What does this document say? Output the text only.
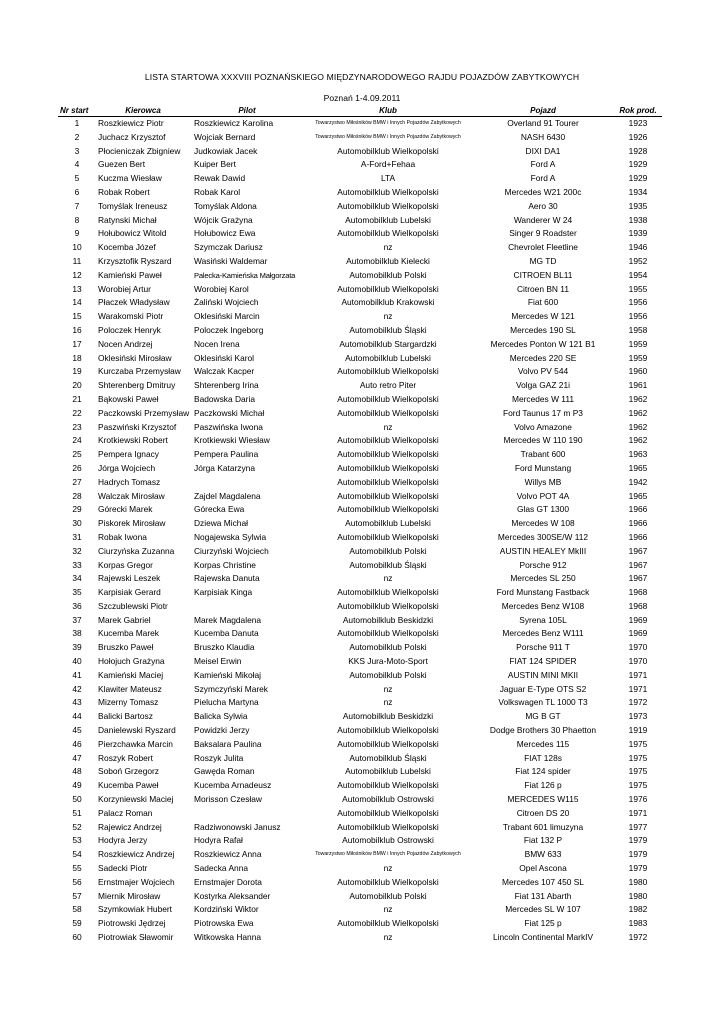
LISTA STARTOWA XXXVIII POZNAŃSKIEGO MIĘDZYNARODOWEGO RAJDU POJAZDÓW ZABYTKOWYCH
Poznań 1-4.09.2011
Nr start	Kierowca	Pilot	Klub	Pojazd	Rok prod.
1	Roszkiewicz Piotr	Roszkiewicz Karolina	Towarzystwo Miłośników BMW i Innych Pojazdów Zabytkowych	Overland 91 Tourer	1923
2	Juchacz Krzysztof	Wojciak Bernard	Towarzystwo Miłośników BMW i Innych Pojazdów Zabytkowych	NASH 6430	1926
3	Płocieniczak Zbigniew	Judkowiak Jacek	Automobilklub Wielkopolski	DIXI DA1	1928
4	Guezen Bert	Kuiper Bert	A-Ford+Fehaa	Ford A	1929
5	Kuczma Wiesław	Rewak Dawid	LTA	Ford A	1929
6	Robak Robert	Robak Karol	Automobilklub Wielkopolski	Mercedes W21 200c	1934
7	Tomyślak Ireneusz	Tomyślak Aldona	Automobilklub Wielkopolski	Aero 30	1935
8	Ratynski Michał	Wójcik Grażyna	Automobilklub Lubelski	Wanderer W 24	1938
9	Hołubowicz Witold	Hołubowicz Ewa	Automobilklub Wielkopolski	Singer 9 Roadster	1939
10	Kocemba Józef	Szymczak Dariusz	nz	Chevrolet Fleetline	1946
11	Krzysztofik Ryszard	Wasiński Waldemar	Automobilklub Kielecki	MG TD	1952
12	Kamieński Paweł	Palecka-Kamieńska Małgorzata	Automobilklub Polski	CITROEN BL11	1954
13	Worobiej Artur	Worobiej Karol	Automobilklub Wielkopolski	Citroen BN 11	1955
14	Płaczek Władysław	Żaliński Wojciech	Automobilklub Krakowski	Fiat 600	1956
15	Warakomski Piotr	Oklesiński Marcin	nz	Mercedes W 121	1956
16	Poloczek Henryk	Poloczek Ingeborg	Automobilklub Śląski	Mercedes 190 SL	1958
17	Nocen Andrzej	Nocen Irena	Automobilklub Stargardzki	Mercedes Ponton W 121 B1	1959
18	Oklesiński Mirosław	Oklesiński Karol	Automobilklub Lubelski	Mercedes 220 SE	1959
19	Kurczaba Przemysław	Walczak Kacper	Automobilklub Wielkopolski	Volvo PV 544	1960
20	Shterenberg Dmitruy	Shterenberg Irina	Auto retro Piter	Volga GAZ 21i	1961
21	Bąkowski Paweł	Badowska Daria	Automobilklub Wielkopolski	Mercedes W 111	1962
22	Paczkowski Przemysław	Paczkowski Michał	Automobilklub Wielkopolski	Ford Taunus 17 m P3	1962
23	Paszwiński Krzysztof	Paszwińska Iwona	nz	Volvo Amazone	1962
24	Krotkiewski Robert	Krotkiewski Wiesław	Automobilklub Wielkopolski	Mercedes W 110 190	1962
25	Pempera Ignacy	Pempera Paulina	Automobilklub Wielkopolski	Trabant 600	1963
26	Jórga Wojciech	Jórga Katarzyna	Automobilklub Wielkopolski	Ford Munstang	1965
27	Hadrych Tomasz		Automobilklub Wielkopolski	Willys MB	1942
28	Walczak Mirosław	Zajdel Magdalena	Automobilklub Wielkopolski	Volvo POT 4A	1965
29	Górecki Marek	Górecka Ewa	Automobilklub Wielkopolski	Glas GT 1300	1966
30	Piskorek Mirosław	Dziewa Michał	Automobilklub Lubelski	Mercedes W 108	1966
31	Robak Iwona	Nogajewska Sylwia	Automobilklub Wielkopolski	Mercedes 300SE/W 112	1966
32	Ciurzyńska Zuzanna	Ciurzyński Wojciech	Automobilklub Polski	AUSTIN HEALEY MkIII	1967
33	Korpas Gregor	Korpas Christine	Automobilklub Śląski	Porsche 912	1967
34	Rajewski Leszek	Rajewska Danuta	nz	Mercedes SL 250	1967
35	Karpisiak Gerard	Karpisiak Kinga	Automobilklub Wielkopolski	Ford Munstang Fastback	1968
36	Szczublewski Piotr		Automobilklub Wielkopolski	Mercedes Benz W108	1968
37	Marek Gabriel	Marek Magdalena	Automobilklub Beskidzki	Syrena 105L	1969
38	Kucemba Marek	Kucemba Danuta	Automobilklub Wielkopolski	Mercedes Benz W111	1969
39	Bruszko Paweł	Bruszko Klaudia	Automobilklub Polski	Porsche 911 T	1970
40	Hołojuch Grażyna	Meisel Erwin	KKS Jura-Moto-Sport	FIAT 124 SPIDER	1970
41	Kamieński Maciej	Kamieński Mikołaj	Automobilklub Polski	AUSTIN MINI MKII	1971
42	Klawiter Mateusz	Szymczyński Marek	nz	Jaguar E-Type OTS S2	1971
43	Mizerny Tomasz	Pielucha Martyna	nz	Volkswagen TL 1000 T3	1972
44	Balicki Bartosz	Balicka Sylwia	Automobilklub Beskidzki	MG B GT	1973
45	Danielewski Ryszard	Powidzki Jerzy	Automobilklub Wielkopolski	Dodge Brothers 30 Phaetton	1919
46	Pierzchawka Marcin	Baksalara Paulina	Automobilklub Wielkopolski	Mercedes 115	1975
47	Roszyk Robert	Roszyk Julita	Automobilklub Śląski	FIAT 128s	1975
48	Soboń Grzegorz	Gawęda Roman	Automobilklub Lubelski	Fiat 124 spider	1975
49	Kucemba Paweł	Kucemba Arnadeusz	Automobilklub Wielkopolski	Fiat 126 p	1975
50	Korzyniewski Maciej	Morisson Czesław	Automobilklub Ostrowski	MERCEDES W115	1976
51	Palacz Roman		Automobilklub Wielkopolski	Citroen DS 20	1971
52	Rajewicz Andrzej	Radziwonowski Janusz	Automobilklub Wielkopolski	Trabant 601 limuzyna	1977
53	Hodyra Jerzy	Hodyra Rafał	Automobilklub Ostrowski	Fiat 132 P	1979
54	Roszkiewicz Andrzej	Roszkiewicz Anna	Towarzystwo Miłośników BMW i Innych Pojazdów Zabytkowych	BMW 633	1979
55	Sadecki Piotr	Sadecka Anna	nz	Opel Ascona	1979
56	Ernstmajer Wojciech	Ernstmajer Dorota	Automobilklub Wielkopolski	Mercedes 107 450 SL	1980
57	Miernik Mirosław	Kostyrka Aleksander	Automobilklub Polski	Fiat 131 Abarth	1980
58	Szymkowiak Hubert	Kordziński Wiktor	nz	Mercedes SL W 107	1982
59	Piotrowski Jędrzej	Piotrowska Ewa	Automobilklub Wielkopolski	Fiat 125 p	1983
60	Piotrowiak Sławomir	Witkowska Hanna	nz	Lincoln Continental MarkIV	1972
